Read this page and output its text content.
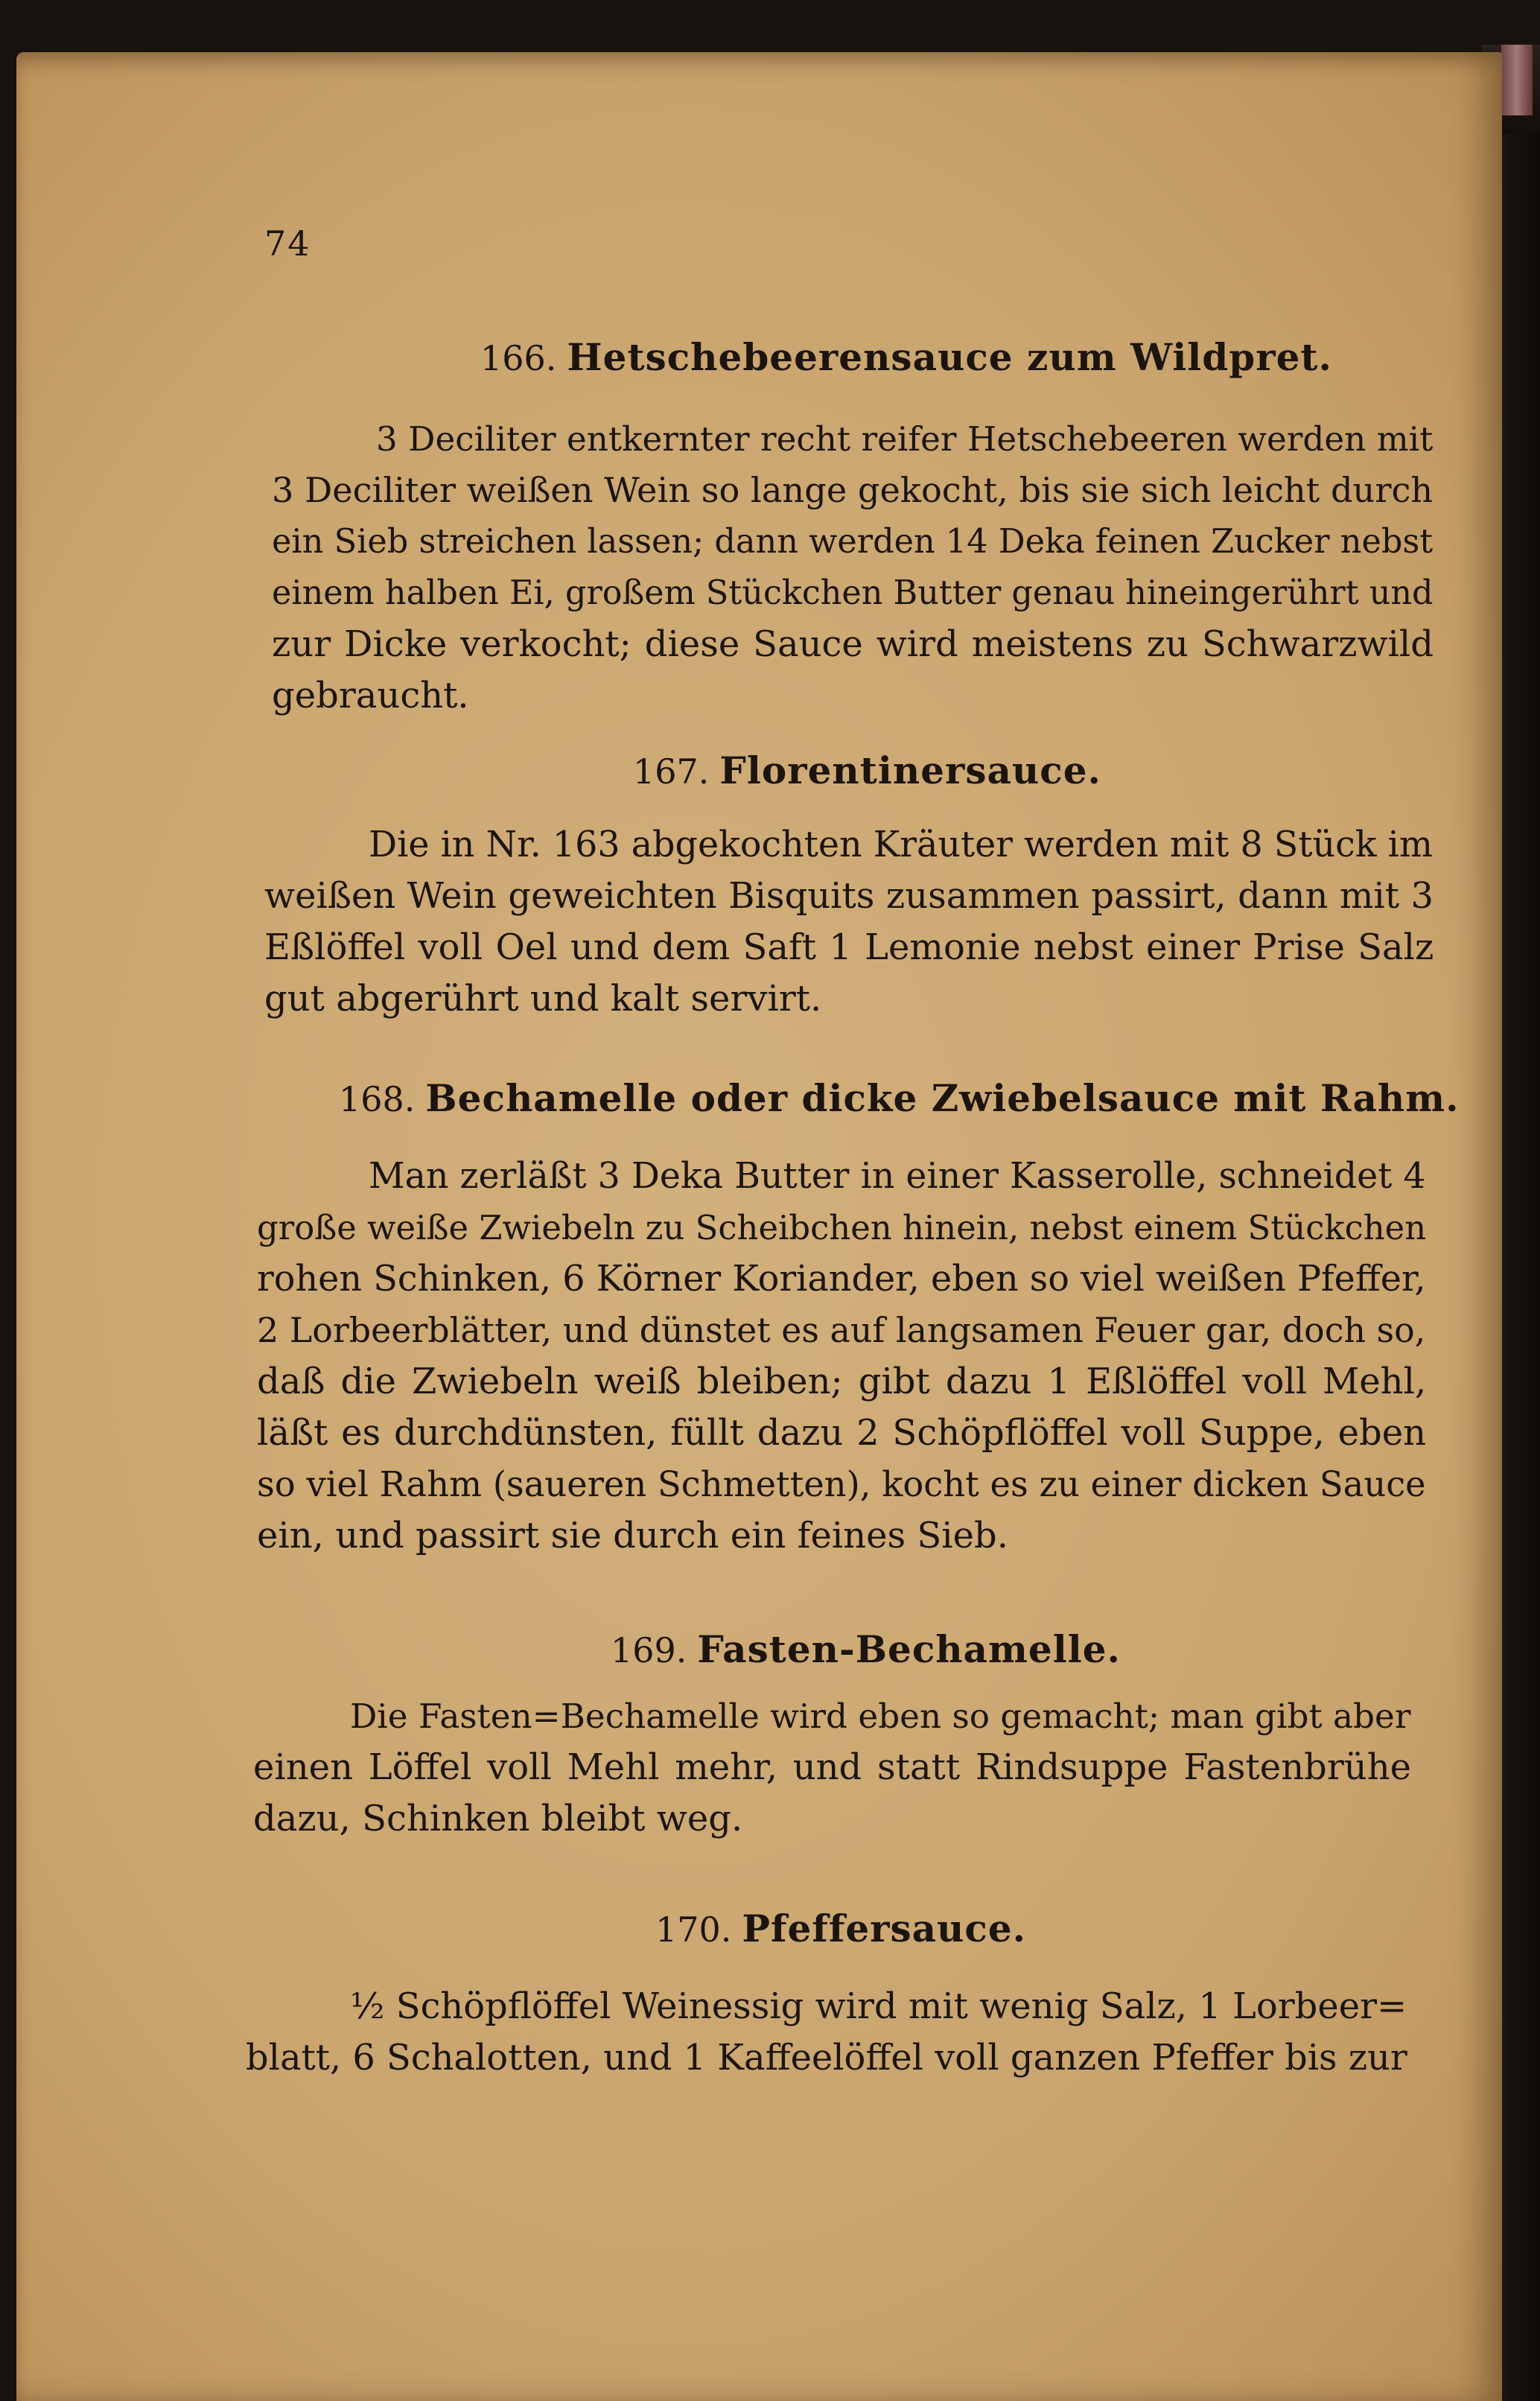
74
166. Hetschebeerensauce zum Wildpret.
3 Deciliter entkernter recht reifer Hetschebeeren werden mit
3 Deciliter weißen Wein so lange gekocht, bis sie sich leicht durch
ein Sieb streichen lassen; dann werden 14 Deka feinen Zucker nebst
einem halben Ei, großem Stückchen Butter genau hineingerührt und
zur Dicke verkocht; diese Sauce wird meistens zu Schwarzwild
gebraucht.
167. Florentinersauce.
Die in Nr. 163 abgekochten Kräuter werden mit 8 Stück im
weißen Wein geweichten Bisquits zusammen passirt, dann mit 3
Eßlöffel voll Oel und dem Saft 1 Lemonie nebst einer Prise Salz
gut abgerührt und kalt servirt.
168. Bechamelle oder dicke Zwiebelsauce mit Rahm.
Man zerläßt 3 Deka Butter in einer Kasserolle, schneidet 4
große weiße Zwiebeln zu Scheibchen hinein, nebst einem Stückchen
rohen Schinken, 6 Körner Koriander, eben so viel weißen Pfeffer,
2 Lorbeerblätter, und dünstet es auf langsamen Feuer gar, doch so,
daß die Zwiebeln weiß bleiben; gibt dazu 1 Eßlöffel voll Mehl,
läßt es durchdünsten, füllt dazu 2 Schöpflöffel voll Suppe, eben
so viel Rahm (saueren Schmetten), kocht es zu einer dicken Sauce
ein, und passirt sie durch ein feines Sieb.
169. Fasten-Bechamelle.
Die Fasten=Bechamelle wird eben so gemacht; man gibt aber
einen Löffel voll Mehl mehr, und statt Rindsuppe Fastenbrühe
dazu, Schinken bleibt weg.
170. Pfeffersauce.
½ Schöpflöffel Weinessig wird mit wenig Salz, 1 Lorbeer=
blatt, 6 Schalotten, und 1 Kaffeelöffel voll ganzen Pfeffer bis zur
